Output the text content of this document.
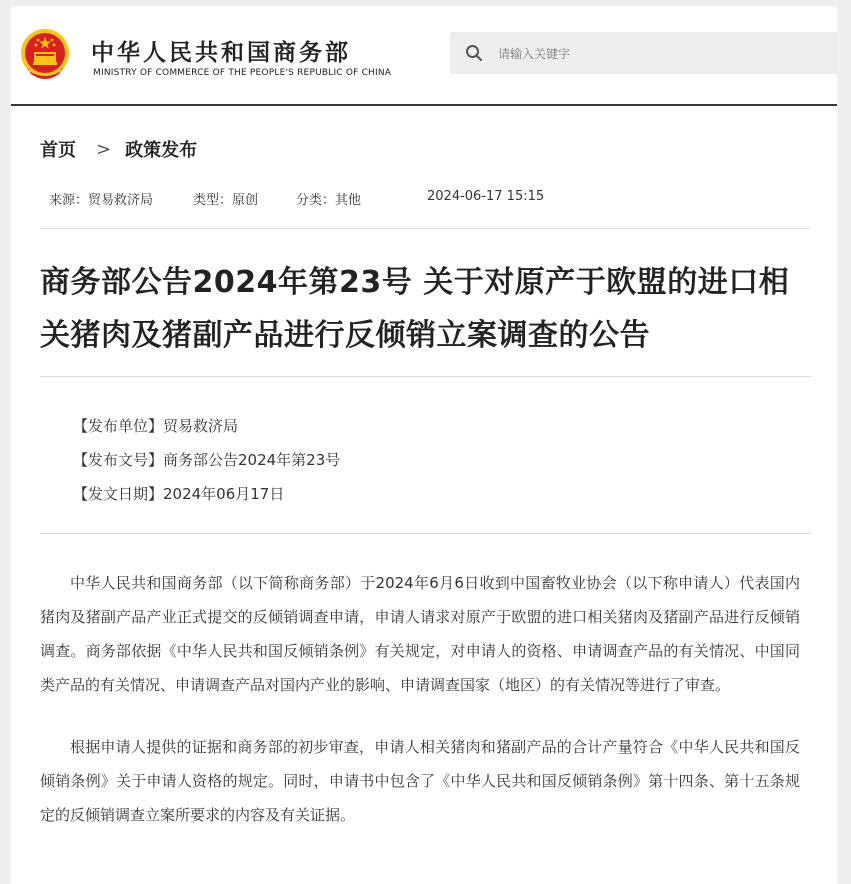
中华人民共和国商务部
MINISTRY OF COMMERCE OF THE PEOPLE'S REPUBLIC OF CHINA
请输入关键字
首页 > 政策发布
来源：贸易救济局	类型：原创	分类：其他	2024-06-17 15:15
商务部公告2024年第23号 关于对原产于欧盟的进口相关猪肉及猪副产品进行反倾销立案调查的公告
【发布单位】贸易救济局
【发布文号】商务部公告2024年第23号
【发文日期】2024年06月17日

中华人民共和国商务部（以下简称商务部）于2024年6月6日收到中国畜牧业协会（以下称申请人）代表国内猪肉及猪副产品产业正式提交的反倾销调查申请，申请人请求对原产于欧盟的进口相关猪肉及猪副产品进行反倾销调查。商务部依据《中华人民共和国反倾销条例》有关规定，对申请人的资格、申请调查产品的有关情况、中国同类产品的有关情况、申请调查产品对国内产业的影响、申请调查国家（地区）的有关情况等进行了审查。

根据申请人提供的证据和商务部的初步审查，申请人相关猪肉和猪副产品的合计产量符合《中华人民共和国反倾销条例》关于申请人资格的规定。同时，申请书中包含了《中华人民共和国反倾销条例》第十四条、第十五条规定的反倾销调查立案所要求的内容及有关证据。
